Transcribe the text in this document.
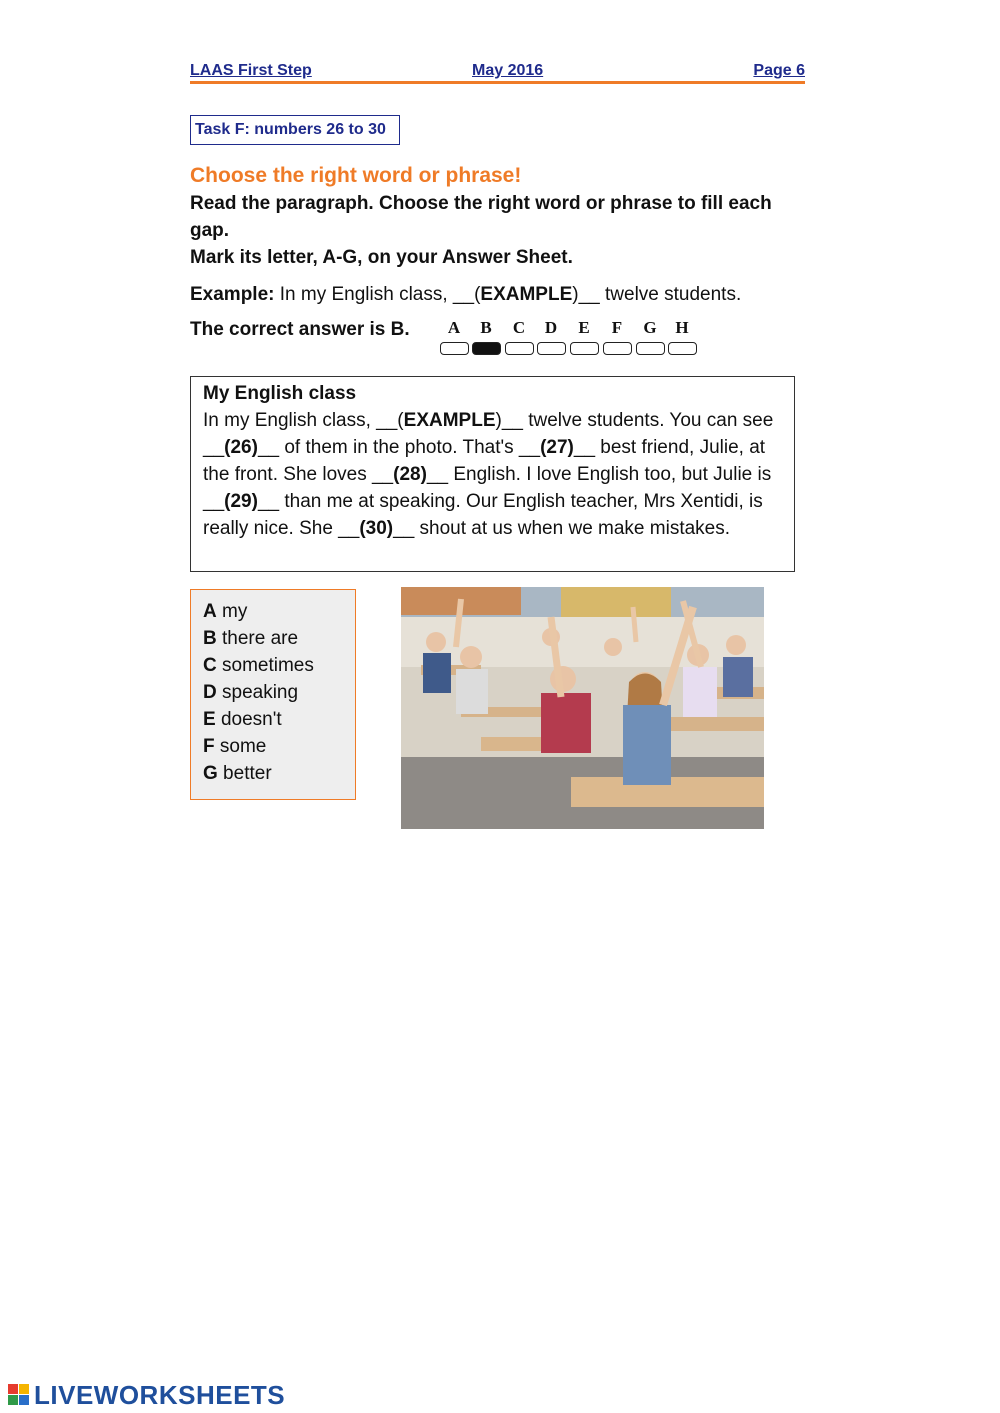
LAAS First Step	May 2016	Page 6
Task F: numbers 26 to 30
Choose the right word or phrase!
Read the paragraph. Choose the right word or phrase to fill each gap.
Mark its letter, A-G, on your Answer Sheet.
Example: In my English class, __(EXAMPLE)__ twelve students.
The correct answer is B.	A	B	C	D	E	F	G	H
My English class
In my English class, __(EXAMPLE)__ twelve students. You can see __(26)__ of them in the photo. That's __(27)__ best friend, Julie, at the front. She loves __(28)__ English. I love English too, but Julie is __(29)__ than me at speaking. Our English teacher, Mrs Xentidi, is really nice. She __(30)__ shout at us when we make mistakes.
A my
B there are
C sometimes
D speaking
E doesn't
F some
G better
LIVEWORKSHEETS
